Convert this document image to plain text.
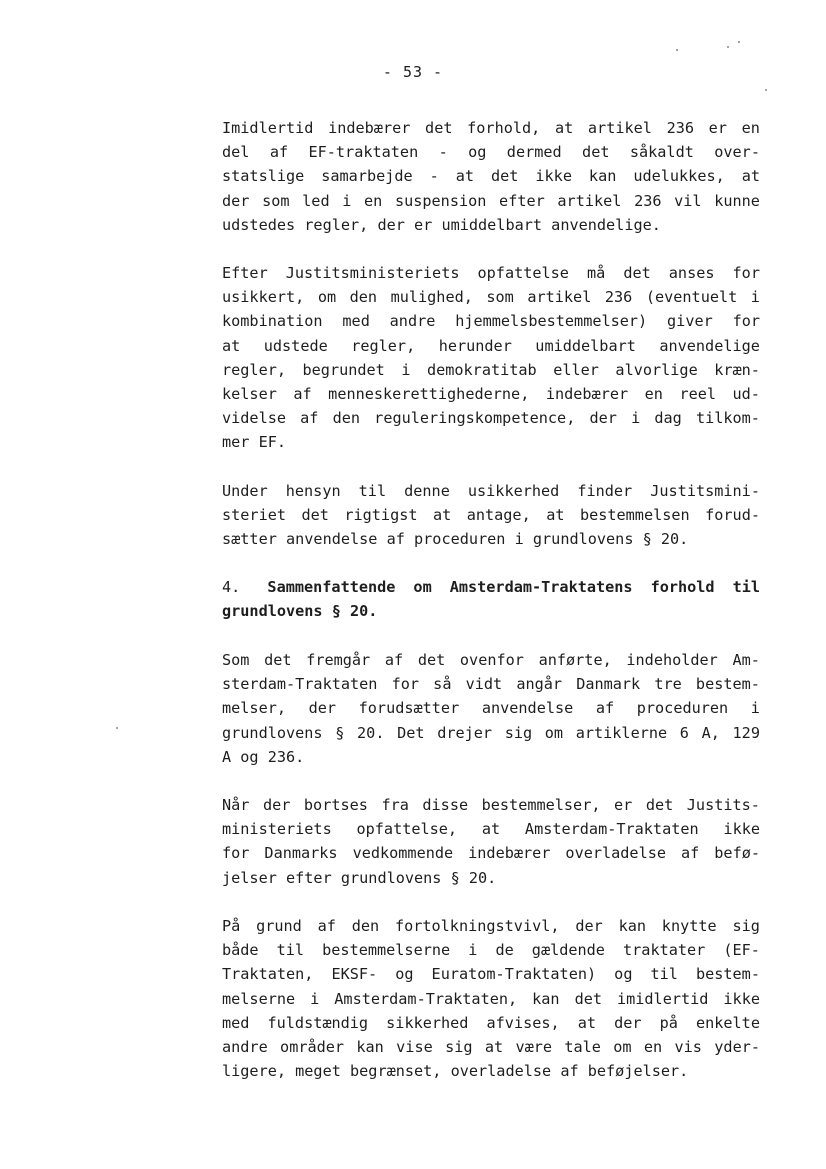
- 53 -
Imidlertid indebærer det forhold, at artikel 236 er en
del af EF-traktaten - og dermed det såkaldt over-
statslige samarbejde - at det ikke kan udelukkes, at
der som led i en suspension efter artikel 236 vil kunne
udstedes regler, der er umiddelbart anvendelige.
Efter Justitsministeriets opfattelse må det anses for
usikkert, om den mulighed, som artikel 236 (eventuelt i
kombination med andre hjemmelsbestemmelser) giver for
at udstede regler, herunder umiddelbart anvendelige
regler, begrundet i demokratitab eller alvorlige kræn-
kelser af menneskerettighederne, indebærer en reel ud-
videlse af den reguleringskompetence, der i dag tilkom-
mer EF.
Under hensyn til denne usikkerhed finder Justitsmini-
steriet det rigtigst at antage, at bestemmelsen forud-
sætter anvendelse af proceduren i grundlovens § 20.
4. Sammenfattende om Amsterdam-Traktatens forhold til
grundlovens § 20.
Som det fremgår af det ovenfor anførte, indeholder Am-
sterdam-Traktaten for så vidt angår Danmark tre bestem-
melser, der forudsætter anvendelse af proceduren i
grundlovens § 20. Det drejer sig om artiklerne 6 A, 129
A og 236.
Når der bortses fra disse bestemmelser, er det Justits-
ministeriets opfattelse, at Amsterdam-Traktaten ikke
for Danmarks vedkommende indebærer overladelse af befø-
jelser efter grundlovens § 20.
På grund af den fortolkningstvivl, der kan knytte sig
både til bestemmelserne i de gældende traktater (EF-
Traktaten, EKSF- og Euratom-Traktaten) og til bestem-
melserne i Amsterdam-Traktaten, kan det imidlertid ikke
med fuldstændig sikkerhed afvises, at der på enkelte
andre områder kan vise sig at være tale om en vis yder-
ligere, meget begrænset, overladelse af beføjelser.
